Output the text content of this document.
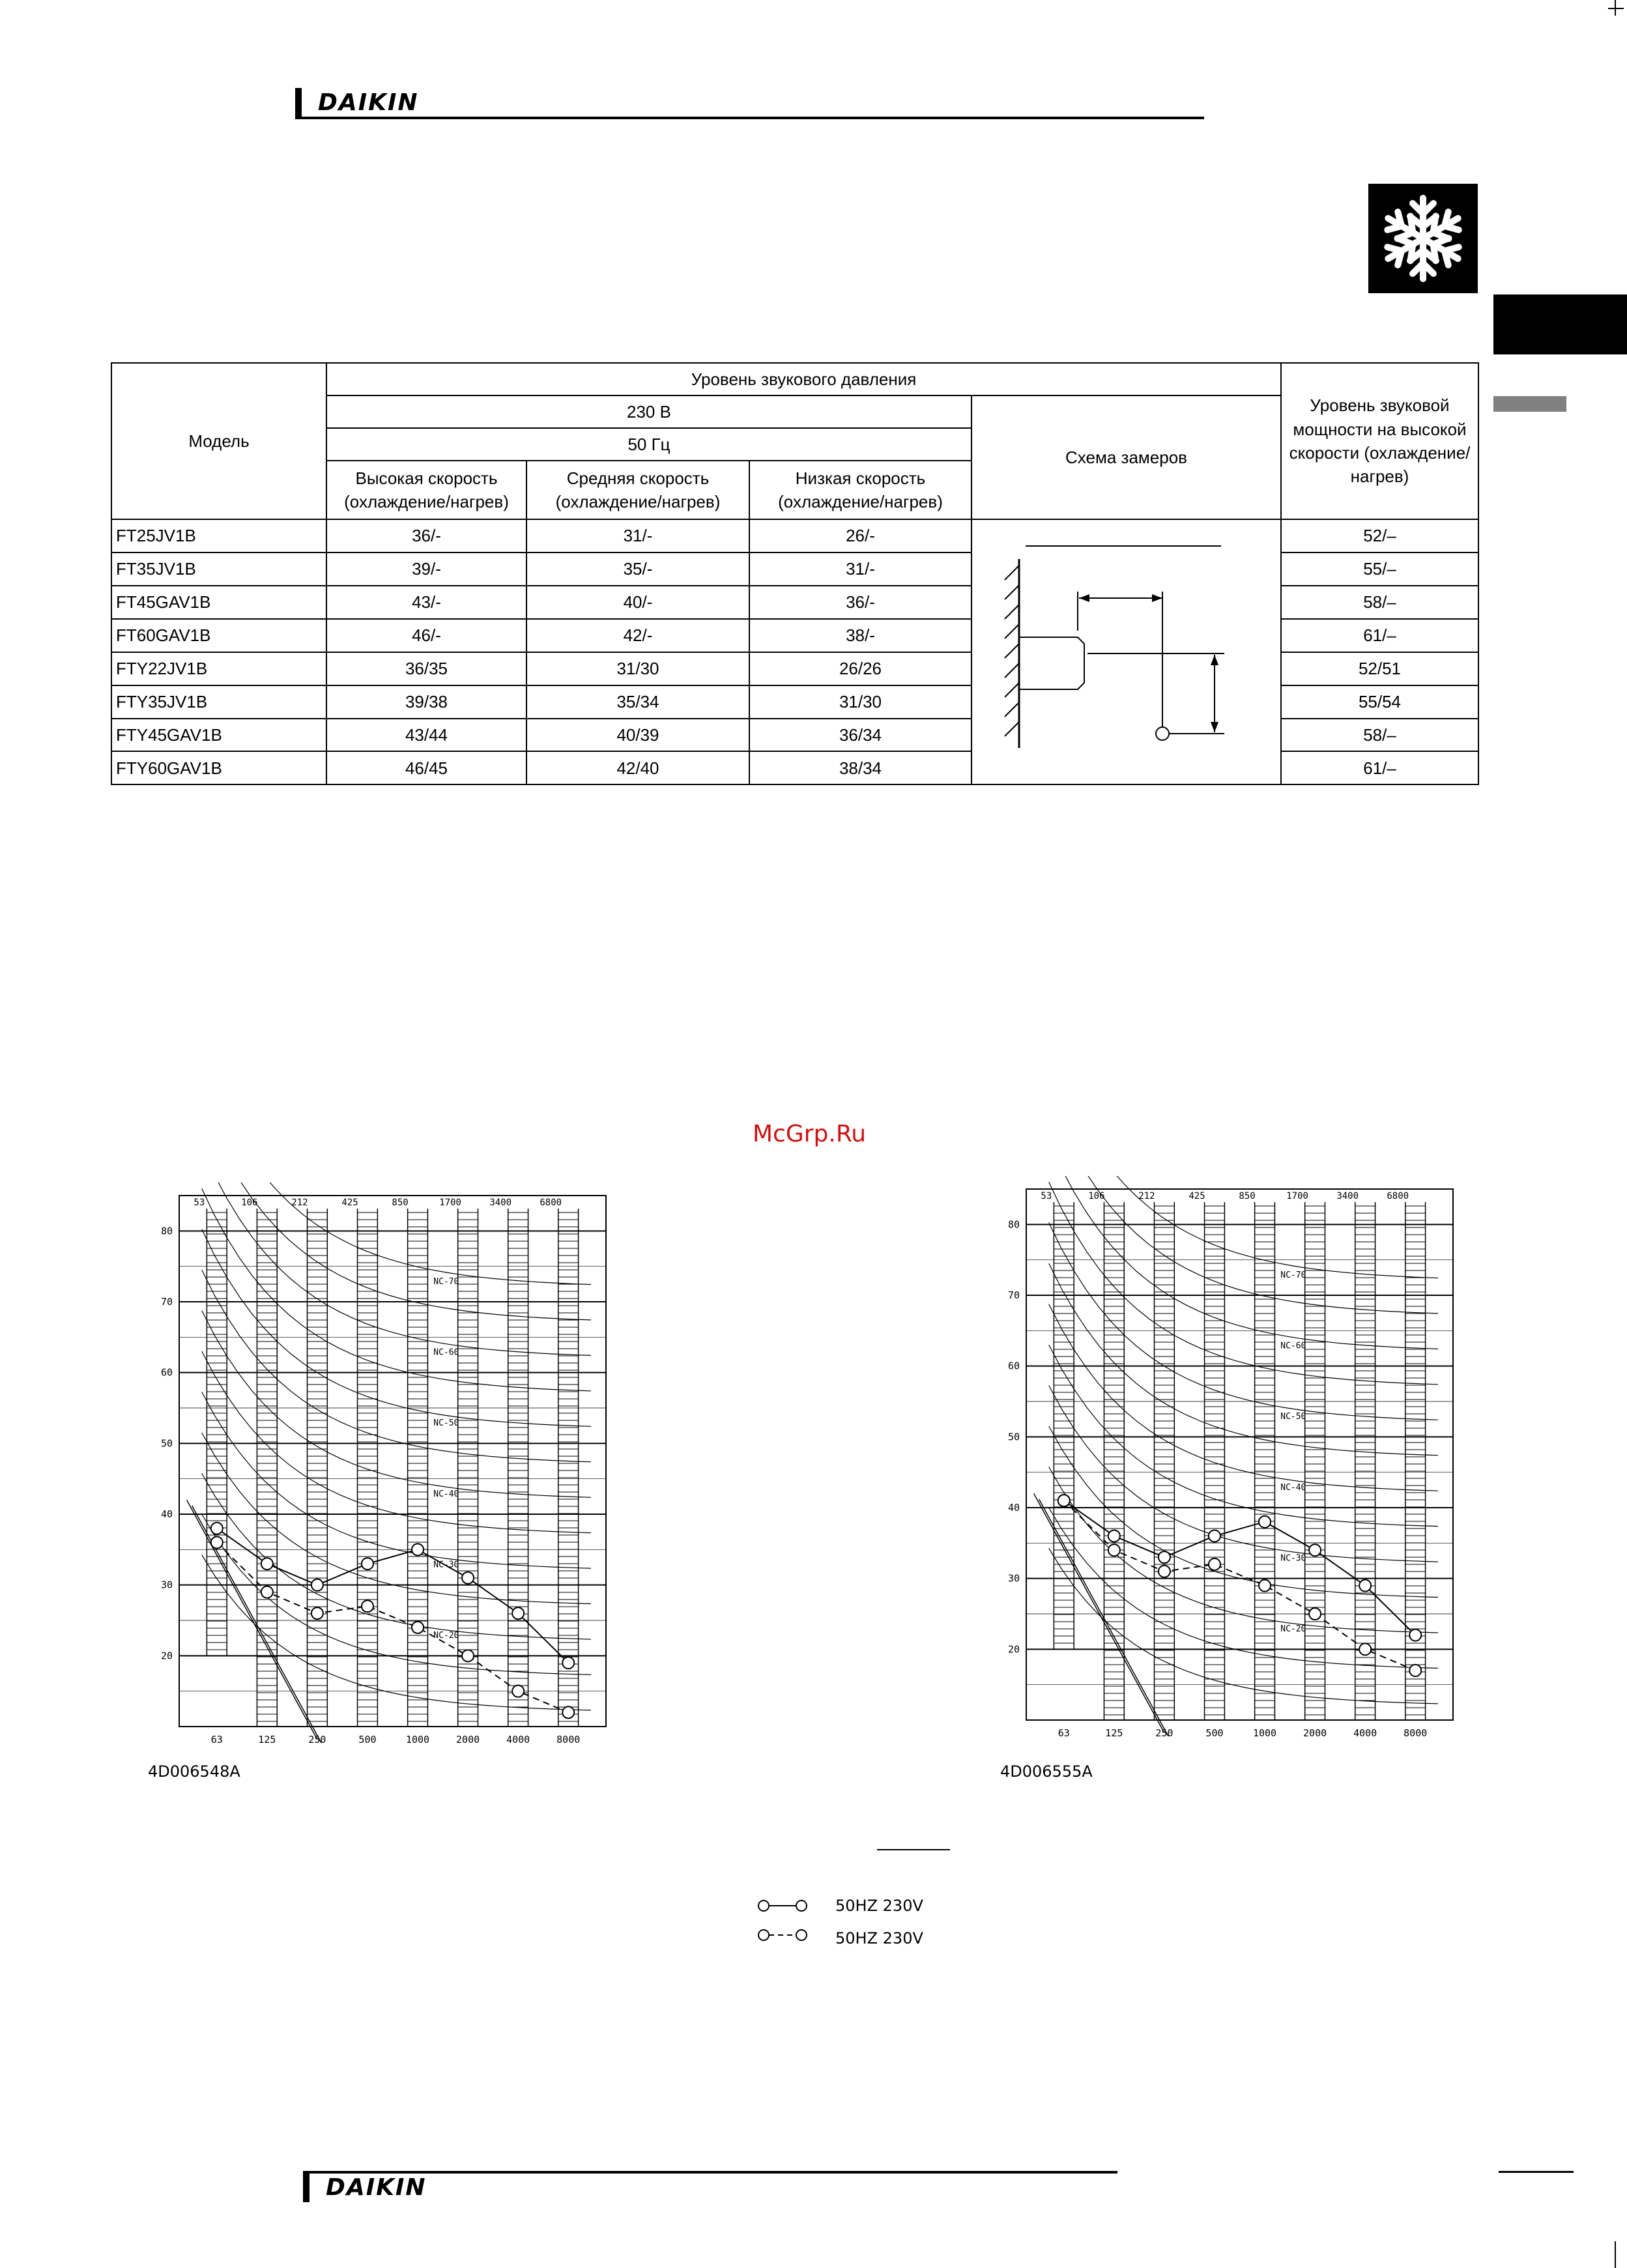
DAIKIN
Модель	Уровень звукового давления				Уровень звуковой мощности на высокой скорости (охлаждение/нагрев)
	230 В			Схема замеров	
	50 Гц				
	Высокая скорость (охлаждение/нагрев)	Средняя скорость (охлаждение/нагрев)	Низкая скорость (охлаждение/нагрев)		
FT25JV1B	36/-	31/-	26/-		52/–
FT35JV1B	39/-	35/-	31/-		55/–
FT45GAV1B	43/-	40/-	36/-		58/–
FT60GAV1B	46/-	42/-	38/-		61/–
FTY22JV1B	36/35	31/30	26/26		52/51
FTY35JV1B	39/38	35/34	31/30		55/54
FTY45GAV1B	43/44	40/39	36/34		58/–
FTY60GAV1B	46/45	42/40	38/34		61/–
McGrp.Ru
53	106	212	425	850	1700	3400	6800
80
70
60
50
40
30
20
63	125	250	500	1000	2000	4000	8000
NC-70
NC-60
NC-50
NC-40
NC-30
NC-20
4D006548A
53	106	212	425	850	1700	3400	6800
80
70
60
50
40
30
20
63	125	250	500	1000	2000	4000	8000
NC-70
NC-60
NC-50
NC-40
NC-30
NC-20
4D006555A
50HZ 230V
50HZ 230V
DAIKIN
